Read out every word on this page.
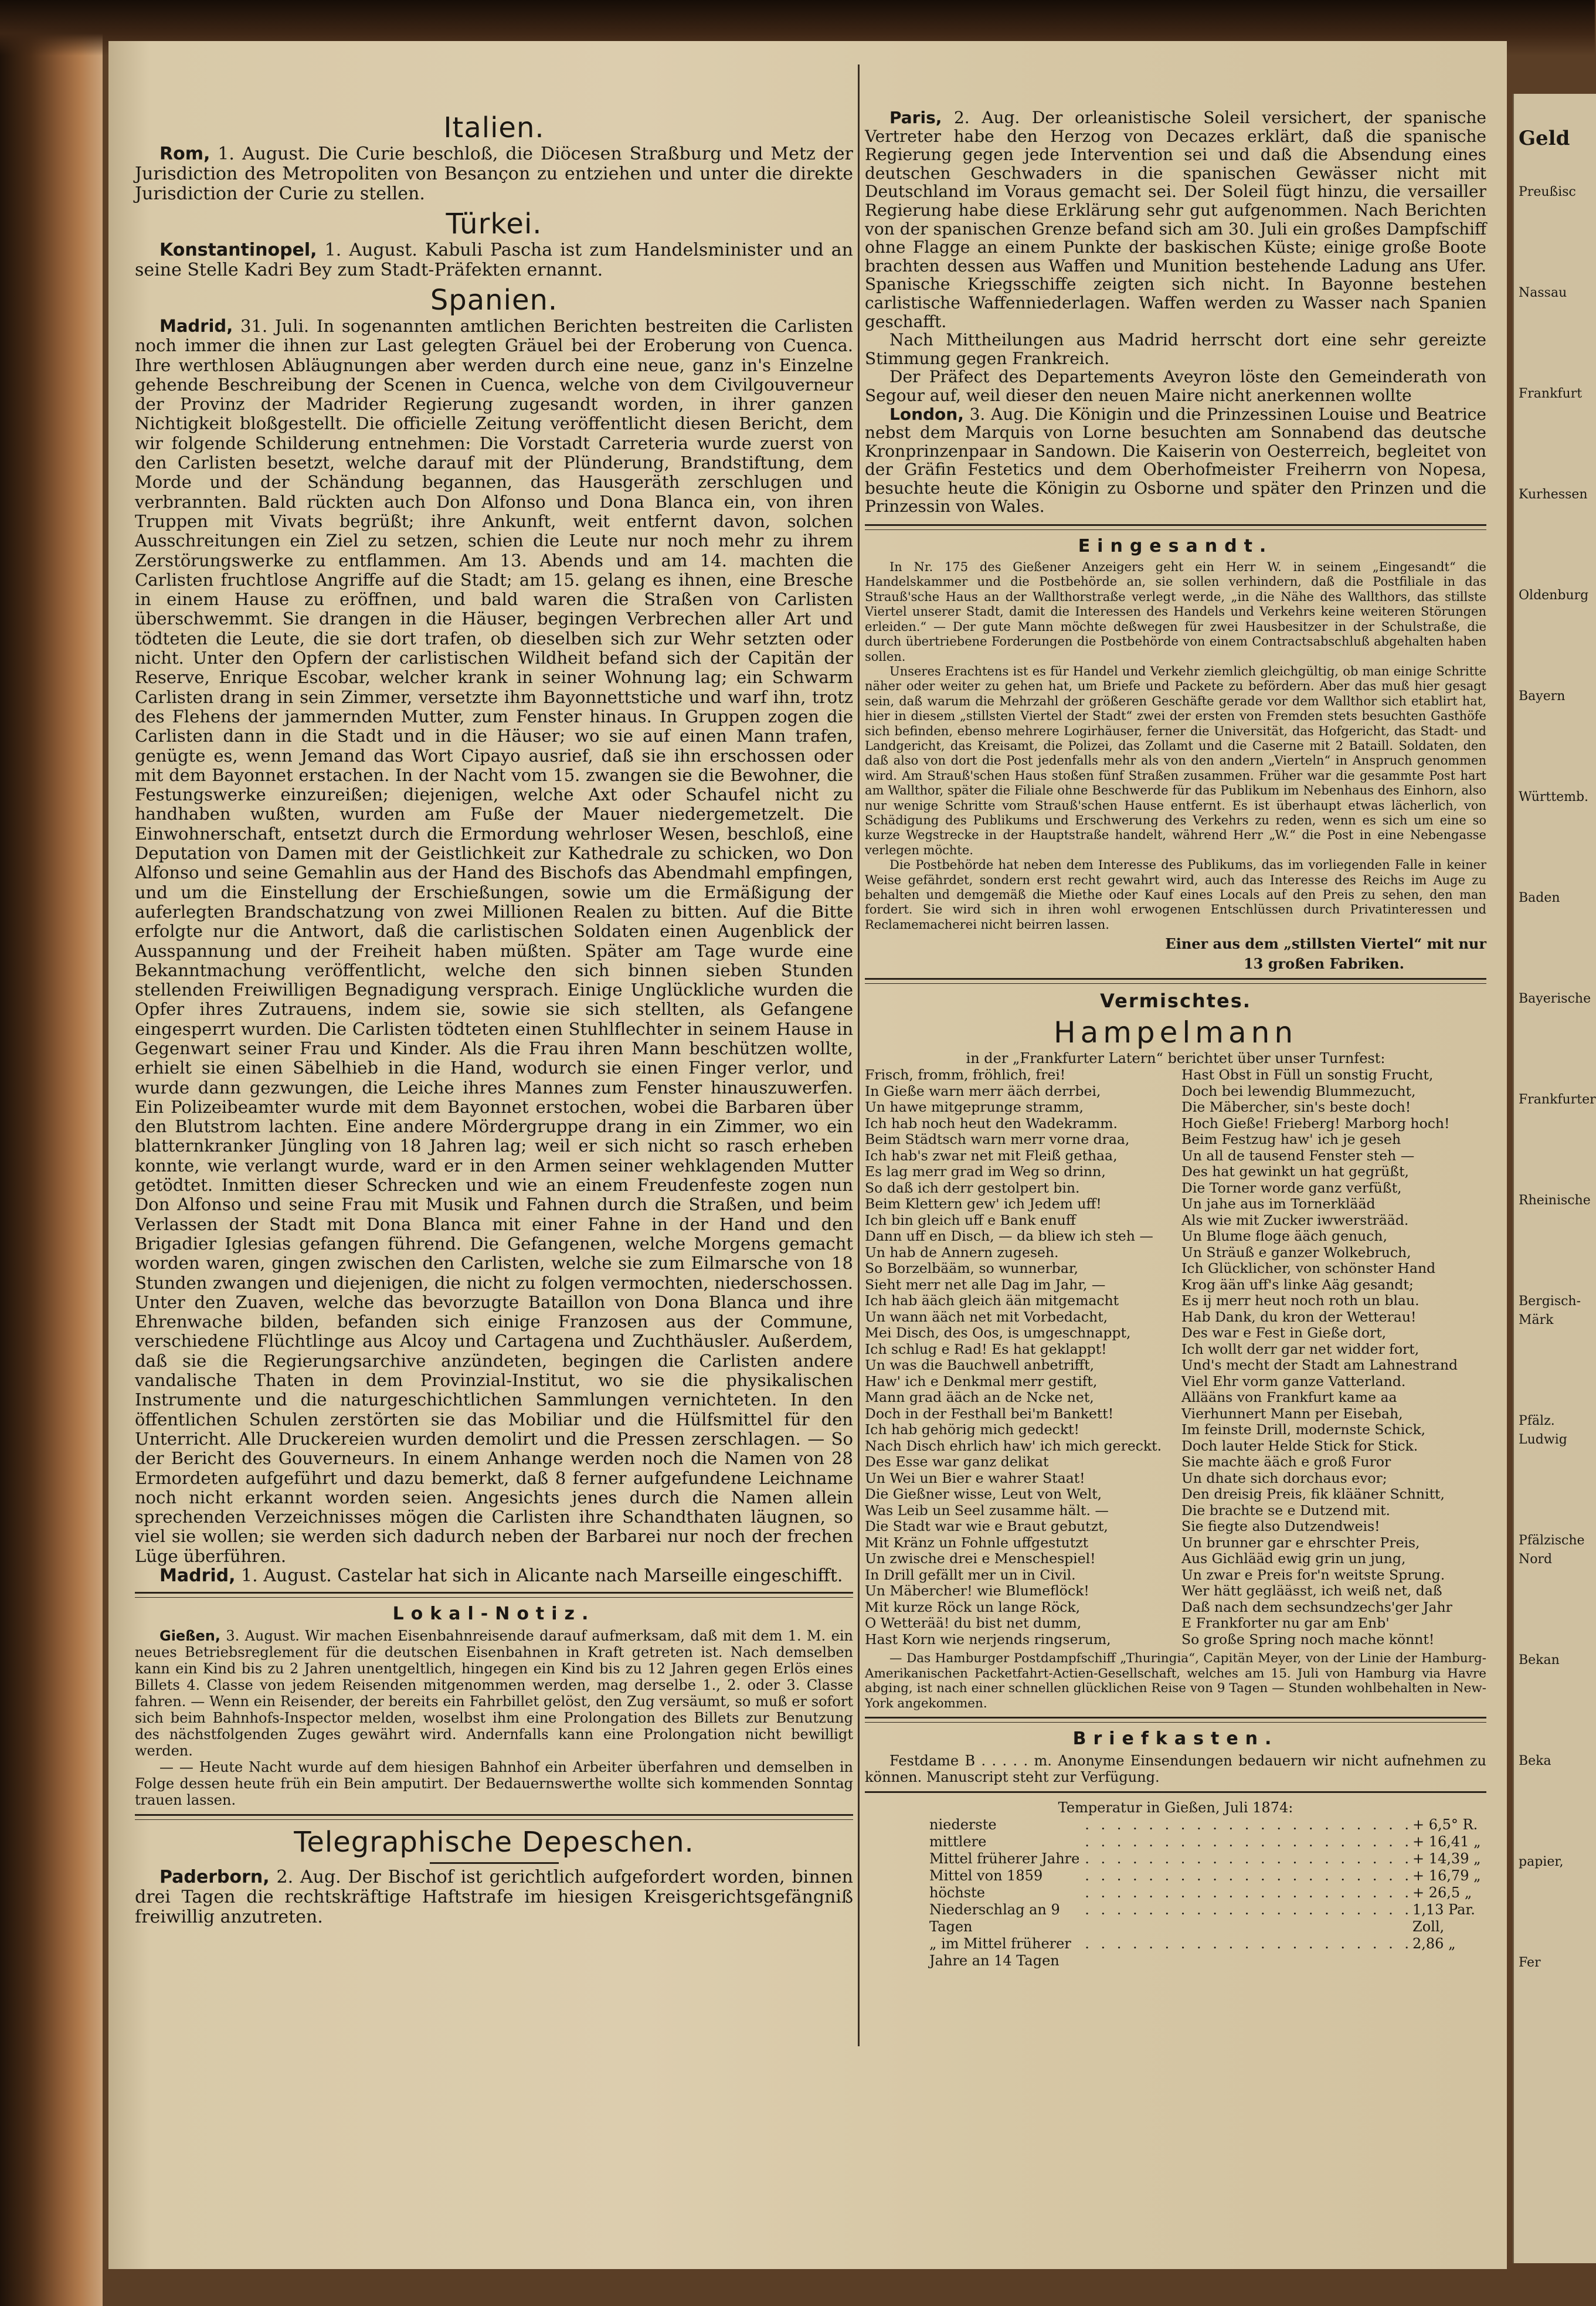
Italien.

Rom, 1. August. Die Curie beschloß, die Diöcesen Straßburg und Metz der Jurisdiction des Metropoliten von Besançon zu entziehen und unter die direkte Jurisdiction der Curie zu stellen.

Türkei.

Konstantinopel, 1. August. Kabuli Pascha ist zum Handelsminister und an seine Stelle Kadri Bey zum Stadt-Präfekten ernannt.

Spanien.

Madrid, 31. Juli. In sogenannten amtlichen Berichten bestreiten die Carlisten noch immer die ihnen zur Last gelegten Gräuel bei der Eroberung von Cuenca. Ihre werthlosen Abläugnungen aber werden durch eine neue, ganz in's Einzelne gehende Beschreibung der Scenen in Cuenca, welche von dem Civilgouverneur der Provinz der Madrider Regierung zugesandt worden, in ihrer ganzen Nichtigkeit bloßgestellt. Die officielle Zeitung veröffentlicht diesen Bericht, dem wir folgende Schilderung entnehmen: Die Vorstadt Carreteria wurde zuerst von den Carlisten besetzt, welche darauf mit der Plünderung, Brandstiftung, dem Morde und der Schändung begannen, das Hausgeräth zerschlugen und verbrannten. Bald rückten auch Don Alfonso und Dona Blanca ein, von ihren Truppen mit Vivats begrüßt; ihre Ankunft, weit entfernt davon, solchen Ausschreitungen ein Ziel zu setzen, schien die Leute nur noch mehr zu ihrem Zerstörungswerke zu entflammen. Am 13. Abends und am 14. machten die Carlisten fruchtlose Angriffe auf die Stadt; am 15. gelang es ihnen, eine Bresche in einem Hause zu eröffnen, und bald waren die Straßen von Carlisten überschwemmt. Sie drangen in die Häuser, begingen Verbrechen aller Art und tödteten die Leute, die sie dort trafen, ob dieselben sich zur Wehr setzten oder nicht. Unter den Opfern der carlistischen Wildheit befand sich der Capitän der Reserve, Enrique Escobar, welcher krank in seiner Wohnung lag; ein Schwarm Carlisten drang in sein Zimmer, versetzte ihm Bayonnettstiche und warf ihn, trotz des Flehens der jammernden Mutter, zum Fenster hinaus. In Gruppen zogen die Carlisten dann in die Stadt und in die Häuser; wo sie auf einen Mann trafen, genügte es, wenn Jemand das Wort Cipayo ausrief, daß sie ihn erschossen oder mit dem Bayonnet erstachen. In der Nacht vom 15. zwangen sie die Bewohner, die Festungswerke einzureißen; diejenigen, welche Axt oder Schaufel nicht zu handhaben wußten, wurden am Fuße der Mauer niedergemetzelt. Die Einwohnerschaft, entsetzt durch die Ermordung wehrloser Wesen, beschloß, eine Deputation von Damen mit der Geistlichkeit zur Kathedrale zu schicken, wo Don Alfonso und seine Gemahlin aus der Hand des Bischofs das Abendmahl empfingen, und um die Einstellung der Erschießungen, sowie um die Ermäßigung der auferlegten Brandschatzung von zwei Millionen Realen zu bitten. Auf die Bitte erfolgte nur die Antwort, daß die carlistischen Soldaten einen Augenblick der Ausspannung und der Freiheit haben müßten. Später am Tage wurde eine Bekanntmachung veröffentlicht, welche den sich binnen sieben Stunden stellenden Freiwilligen Begnadigung versprach. Einige Unglückliche wurden die Opfer ihres Zutrauens, indem sie, sowie sie sich stellten, als Gefangene eingesperrt wurden. Die Carlisten tödteten einen Stuhlflechter in seinem Hause in Gegenwart seiner Frau und Kinder. Als die Frau ihren Mann beschützen wollte, erhielt sie einen Säbelhieb in die Hand, wodurch sie einen Finger verlor, und wurde dann gezwungen, die Leiche ihres Mannes zum Fenster hinauszuwerfen. Ein Polizeibeamter wurde mit dem Bayonnet erstochen, wobei die Barbaren über den Blutstrom lachten. Eine andere Mördergruppe drang in ein Zimmer, wo ein blatternkranker Jüngling von 18 Jahren lag; weil er sich nicht so rasch erheben konnte, wie verlangt wurde, ward er in den Armen seiner wehklagenden Mutter getödtet. Inmitten dieser Schrecken und wie an einem Freudenfeste zogen nun Don Alfonso und seine Frau mit Musik und Fahnen durch die Straßen, und beim Verlassen der Stadt mit Dona Blanca mit einer Fahne in der Hand und den Brigadier Iglesias gefangen führend. Die Gefangenen, welche Morgens gemacht worden waren, gingen zwischen den Carlisten, welche sie zum Eilmarsche von 18 Stunden zwangen und diejenigen, die nicht zu folgen vermochten, niederschossen. Unter den Zuaven, welche das bevorzugte Bataillon von Dona Blanca und ihre Ehrenwache bilden, befanden sich einige Franzosen aus der Commune, verschiedene Flüchtlinge aus Alcoy und Cartagena und Zuchthäusler. Außerdem, daß sie die Regierungsarchive anzündeten, begingen die Carlisten andere vandalische Thaten in dem Provinzial-Institut, wo sie die physikalischen Instrumente und die naturgeschichtlichen Sammlungen vernichteten. In den öffentlichen Schulen zerstörten sie das Mobiliar und die Hülfsmittel für den Unterricht. Alle Druckereien wurden demolirt und die Pressen zerschlagen. — So der Bericht des Gouverneurs. In einem Anhange werden noch die Namen von 28 Ermordeten aufgeführt und dazu bemerkt, daß 8 ferner aufgefundene Leichname noch nicht erkannt worden seien. Angesichts jenes durch die Namen allein sprechenden Verzeichnisses mögen die Carlisten ihre Schandthaten läugnen, so viel sie wollen; sie werden sich dadurch neben der Barbarei nur noch der frechen Lüge überführen.

Madrid, 1. August. Castelar hat sich in Alicante nach Marseille eingeschifft.

Lokal-Notiz.

Gießen, 3. August. Wir machen Eisenbahnreisende darauf aufmerksam, daß mit dem 1. M. ein neues Betriebsreglement für die deutschen Eisenbahnen in Kraft getreten ist. Nach demselben kann ein Kind bis zu 2 Jahren unentgeltlich, hingegen ein Kind bis zu 12 Jahren gegen Erlös eines Billets 4. Classe von jedem Reisenden mitgenommen werden, mag derselbe 1., 2. oder 3. Classe fahren. — Wenn ein Reisender, der bereits ein Fahrbillet gelöst, den Zug versäumt, so muß er sofort sich beim Bahnhofs-Inspector melden, woselbst ihm eine Prolongation des Billets zur Benutzung des nächstfolgenden Zuges gewährt wird. Andernfalls kann eine Prolongation nicht bewilligt werden.

— — Heute Nacht wurde auf dem hiesigen Bahnhof ein Arbeiter überfahren und demselben in Folge dessen heute früh ein Bein amputirt. Der Bedauernswerthe wollte sich kommenden Sonntag trauen lassen.

Telegraphische Depeschen.

Paderborn, 2. Aug. Der Bischof ist gerichtlich aufgefordert worden, binnen drei Tagen die rechtskräftige Haftstrafe im hiesigen Kreisgerichtsgefängniß freiwillig anzutreten.

Paris, 2. Aug. Der orleanistische Soleil versichert, der spanische Vertreter habe den Herzog von Decazes erklärt, daß die spanische Regierung gegen jede Intervention sei und daß die Absendung eines deutschen Geschwaders in die spanischen Gewässer nicht mit Deutschland im Voraus gemacht sei. Der Soleil fügt hinzu, die versailler Regierung habe diese Erklärung sehr gut aufgenommen. Nach Berichten von der spanischen Grenze befand sich am 30. Juli ein großes Dampfschiff ohne Flagge an einem Punkte der baskischen Küste; einige große Boote brachten dessen aus Waffen und Munition bestehende Ladung ans Ufer. Spanische Kriegsschiffe zeigten sich nicht. In Bayonne bestehen carlistische Waffenniederlagen. Waffen werden zu Wasser nach Spanien geschafft.

Nach Mittheilungen aus Madrid herrscht dort eine sehr gereizte Stimmung gegen Frankreich.

Der Präfect des Departements Aveyron löste den Gemeinderath von Segour auf, weil dieser den neuen Maire nicht anerkennen wollte

London, 3. Aug. Die Königin und die Prinzessinen Louise und Beatrice nebst dem Marquis von Lorne besuchten am Sonnabend das deutsche Kronprinzenpaar in Sandown. Die Kaiserin von Oesterreich, begleitet von der Gräfin Festetics und dem Oberhofmeister Freiherrn von Nopesa, besuchte heute die Königin zu Osborne und später den Prinzen und die Prinzessin von Wales.

Eingesandt.

In Nr. 175 des Gießener Anzeigers geht ein Herr W. in seinem „Eingesandt“ die Handelskammer und die Postbehörde an, sie sollen verhindern, daß die Postfiliale in das Strauß'sche Haus an der Wallthorstraße verlegt werde, „in die Nähe des Wallthors, das stillste Viertel unserer Stadt, damit die Interessen des Handels und Verkehrs keine weiteren Störungen erleiden.“ — Der gute Mann möchte deßwegen für zwei Hausbesitzer in der Schulstraße, die durch übertriebene Forderungen die Postbehörde von einem Contractsabschluß abgehalten haben sollen.

Unseres Erachtens ist es für Handel und Verkehr ziemlich gleichgültig, ob man einige Schritte näher oder weiter zu gehen hat, um Briefe und Packete zu befördern. Aber das muß hier gesagt sein, daß warum die Mehrzahl der größeren Geschäfte gerade vor dem Wallthor sich etablirt hat, hier in diesem „stillsten Viertel der Stadt“ zwei der ersten von Fremden stets besuchten Gasthöfe sich befinden, ebenso mehrere Logirhäuser, ferner die Universität, das Hofgericht, das Stadt- und Landgericht, das Kreisamt, die Polizei, das Zollamt und die Caserne mit 2 Bataill. Soldaten, den daß also von dort die Post jedenfalls mehr als von den andern „Vierteln“ in Anspruch genommen wird. Am Strauß'schen Haus stoßen fünf Straßen zusammen. Früher war die gesammte Post hart am Wallthor, später die Filiale ohne Beschwerde für das Publikum im Nebenhaus des Einhorn, also nur wenige Schritte vom Strauß'schen Hause entfernt. Es ist überhaupt etwas lächerlich, von Schädigung des Publikums und Erschwerung des Verkehrs zu reden, wenn es sich um eine so kurze Wegstrecke in der Hauptstraße handelt, während Herr „W.“ die Post in eine Nebengasse verlegen möchte.

Die Postbehörde hat neben dem Interesse des Publikums, das im vorliegenden Falle in keiner Weise gefährdet, sondern erst recht gewahrt wird, auch das Interesse des Reichs im Auge zu behalten und demgemäß die Miethe oder Kauf eines Locals auf den Preis zu sehen, den man fordert. Sie wird sich in ihren wohl erwogenen Entschlüssen durch Privatinteressen und Reclamemacherei nicht beirren lassen.

Einer aus dem „stillsten Viertel“ mit nur
13 großen Fabriken.
Vermischtes.
Hampelmann

in der „Frankfurter Latern“ berichtet über unser Turnfest:

Frisch, fromm, fröhlich, frei!
In Gieße warn merr ääch derrbei,
Un hawe mitgeprunge stramm,
Ich hab noch heut den Wadekramm.
Beim Städtsch warn merr vorne draa,
Ich hab's zwar net mit Fleiß gethaa,
Es lag merr grad im Weg so drinn,
So daß ich derr gestolpert bin.
Beim Klettern gew' ich Jedem uff!
Ich bin gleich uff e Bank enuff
Dann uff en Disch, — da bliew ich steh —
Un hab de Annern zugeseh.
So Borzelbääm, so wunnerbar,
Sieht merr net alle Dag im Jahr, —
Ich hab ääch gleich ään mitgemacht
Un wann ääch net mit Vorbedacht,
Mei Disch, des Oos, is umgeschnappt,
Ich schlug e Rad! Es hat geklappt!
Un was die Bauchwell anbetrifft,
Haw' ich e Denkmal merr gestift,
Mann grad ääch an de Ncke net,
Doch in der Festhall bei'm Bankett!
Ich hab gehörig mich gedeckt!
Nach Disch ehrlich haw' ich mich gereckt.
Des Esse war ganz delikat
Un Wei un Bier e wahrer Staat!
Die Gießner wisse, Leut von Welt,
Was Leib un Seel zusamme hält. —
Die Stadt war wie e Braut gebutzt,
Mit Kränz un Fohnle uffgestutzt
Un zwische drei e Menschespiel!
In Drill gefällt mer un in Civil.
Un Mäbercher! wie Blumeflöck!
Mit kurze Röck un lange Röck,
O Wetterää! du bist net dumm,
Hast Korn wie nerjends ringserum,
Hast Obst in Füll un sonstig Frucht,
Doch bei lewendig Blummezucht,
Die Mäbercher, sin's beste doch!
Hoch Gieße! Frieberg! Marborg hoch!
Beim Festzug haw' ich je geseh
Un all de tausend Fenster steh —
Des hat gewinkt un hat gegrüßt,
Die Torner worde ganz verfüßt,
Un jahe aus im Tornerklääd
Als wie mit Zucker iwwersträäd.
Un Blume floge ääch genuch,
Un Sträuß e ganzer Wolkebruch,
Ich Glücklicher, von schönster Hand
Krog ään uff's linke Aäg gesandt;
Es ij merr heut noch roth un blau.
Hab Dank, du kron der Wetterau!
Des war e Fest in Gieße dort,
Ich wollt derr gar net widder fort,
Und's mecht der Stadt am Lahnestrand
Viel Ehr vorm ganze Vatterland.
Allääns von Frankfurt kame aa
Vierhunnert Mann per Eisebah,
Im feinste Drill, modernste Schick,
Doch lauter Helde Stick for Stick.
Sie machte ääch e groß Furor
Un dhate sich dorchaus evor;
Den dreisig Preis, fik klääner Schnitt,
Die brachte se e Dutzend mit.
Sie fiegte also Dutzendweis!
Un brunner gar e ehrschter Preis,
Aus Gichlääd ewig grin un jung,
Un zwar e Preis for'n weitste Sprung.
Wer hätt gegläässt, ich weiß net, daß
Daß nach dem sechsundzechs'ger Jahr
E Frankforter nu gar am Enb'
So große Spring noch mache könnt!

— Das Hamburger Postdampfschiff „Thuringia“, Capitän Meyer, von der Linie der Hamburg-Amerikanischen Packetfahrt-Actien-Gesellschaft, welches am 15. Juli von Hamburg via Havre abging, ist nach einer schnellen glücklichen Reise von 9 Tagen — Stunden wohlbehalten in New-York angekommen.

Briefkasten.

Festdame B . . . . . m. Anonyme Einsendungen bedauern wir nicht aufnehmen zu können. Manuscript steht zur Verfügung.

Temperatur in Gießen, Juli 1874:

niederste	. . . . . . . . . . . . . . . . . . . . . + 6,5° R.
mittlere	. . . . . . . . . . . . . . . . . . . . . + 16,41 „
Mittel früherer Jahre . . . . . . . . . . . . . . . . . . . . . + 14,39 „
Mittel von 1859	. . . . . . . . . . . . . . . . . . . . . + 16,79 „
höchste	. . . . . . . . . . . . . . . . . . . . . + 26,5 „
Niederschlag an 9 Tagen
. . . . . . . . . . . . . . . . . . . . . 1,13 Par. Zoll,
„ im Mittel früherer Jahre an 14 Tagen
. . . . . . . . . . . . . . . . . . . . . 2,86 „
Geld
Preußisc
Nassau
Frankfurt
Kurhessen
Oldenburg
Bayern
Württemb.
Baden
Bayerische
Frankfurter
Rheinische
Bergisch-Märk
Pfälz. Ludwig
Pfälzische Nord
Bekan
Beka
papier,
Fer
